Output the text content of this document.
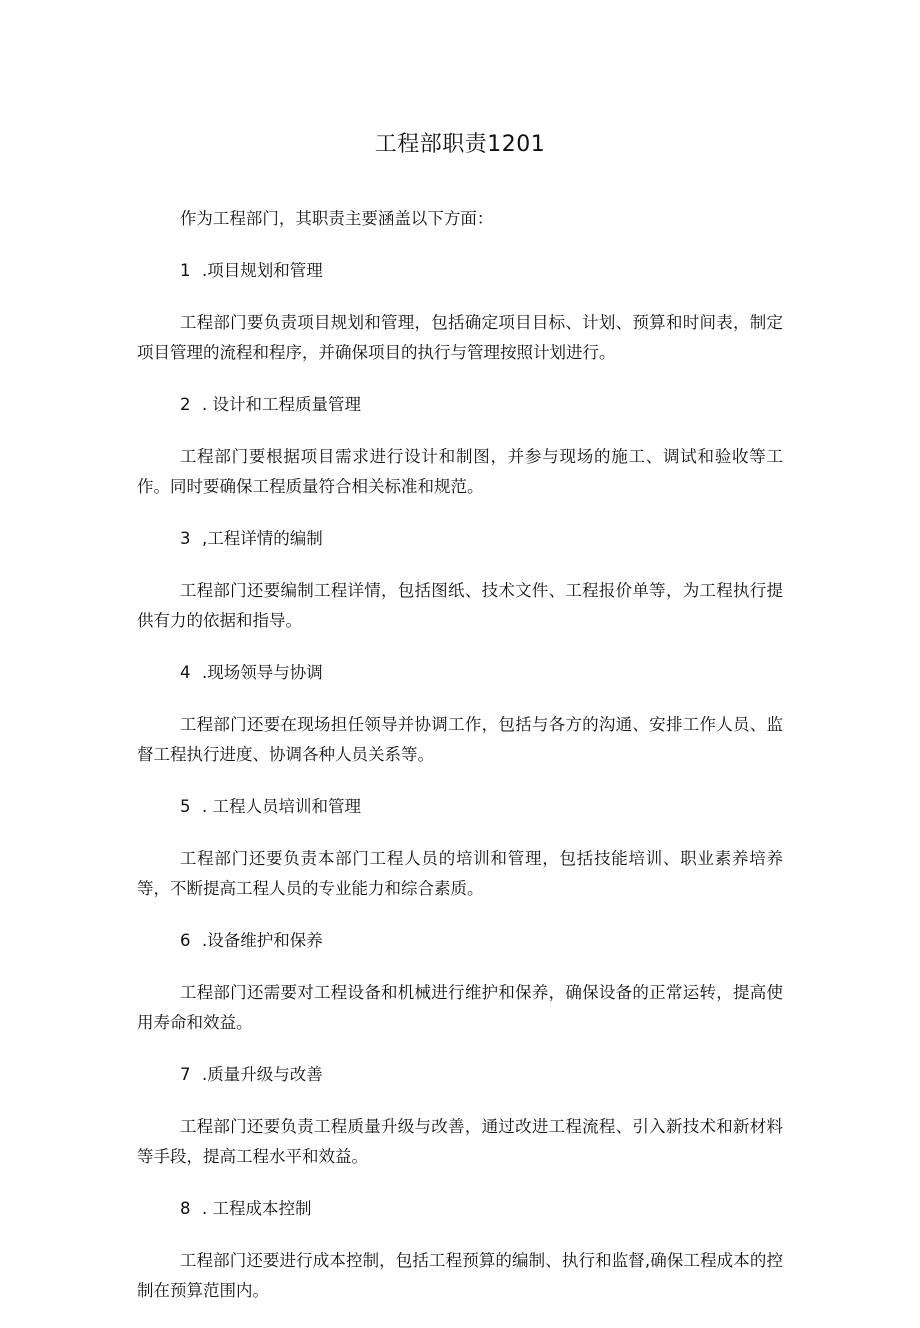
工程部职责1201

作为工程部门，其职责主要涵盖以下方面：

1 .项目规划和管理

工程部门要负责项目规划和管理，包括确定项目目标、计划、预算和时间表，制定项目管理的流程和程序，并确保项目的执行与管理按照计划进行。

2 . 设计和工程质量管理

工程部门要根据项目需求进行设计和制图，并参与现场的施工、调试和验收等工作。同时要确保工程质量符合相关标准和规范。

3 ,工程详情的编制

工程部门还要编制工程详情，包括图纸、技术文件、工程报价单等，为工程执行提供有力的依据和指导。

4 .现场领导与协调

工程部门还要在现场担任领导并协调工作，包括与各方的沟通、安排工作人员、监督工程执行进度、协调各种人员关系等。

5 . 工程人员培训和管理

工程部门还要负责本部门工程人员的培训和管理，包括技能培训、职业素养培养等，不断提高工程人员的专业能力和综合素质。

6 .设备维护和保养

工程部门还需要对工程设备和机械进行维护和保养，确保设备的正常运转，提高使用寿命和效益。

7 .质量升级与改善

工程部门还要负责工程质量升级与改善，通过改进工程流程、引入新技术和新材料等手段，提高工程水平和效益。

8 . 工程成本控制

工程部门还要进行成本控制，包括工程预算的编制、执行和监督,确保工程成本的控制在预算范围内。
